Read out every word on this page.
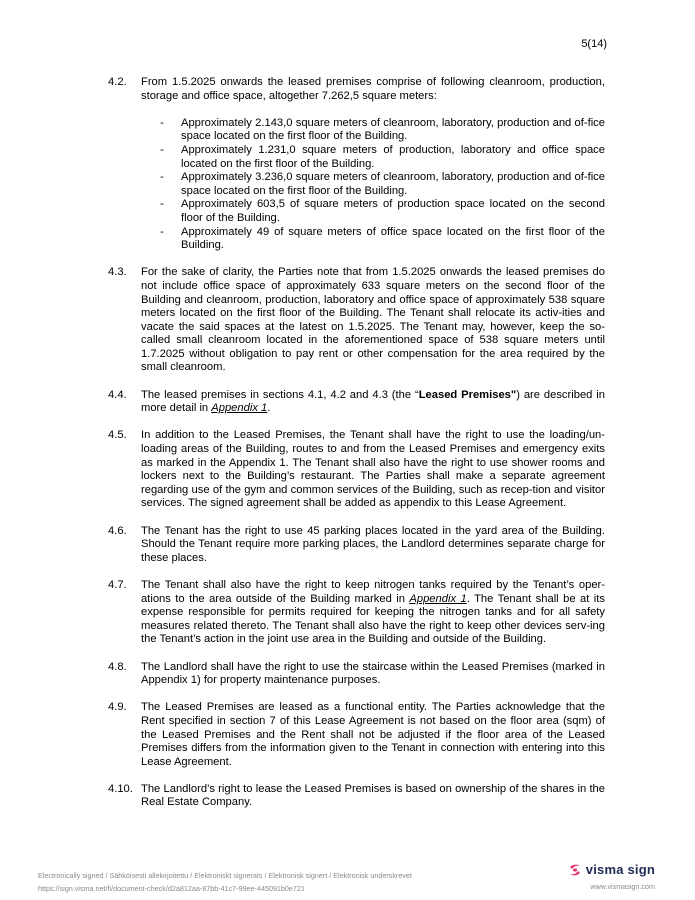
5(14)
4.2.	From 1.5.2025 onwards the leased premises comprise of following cleanroom, production, storage and office space, altogether 7.262,5 square meters:
-	Approximately 2.143,0 square meters of cleanroom, laboratory, production and of-fice space located on the first floor of the Building.
-	Approximately 1.231,0 square meters of production, laboratory and office space located on the first floor of the Building.
-	Approximately 3.236,0 square meters of cleanroom, laboratory, production and of-fice space located on the first floor of the Building.
-	Approximately 603,5 of square meters of production space located on the second floor of the Building.
-	Approximately 49 of square meters of office space located on the first floor of the Building.
4.3.	For the sake of clarity, the Parties note that from 1.5.2025 onwards the leased premises do not include office space of approximately 633 square meters on the second floor of the Building and cleanroom, production, laboratory and office space of approximately 538 square meters located on the first floor of the Building. The Tenant shall relocate its activ-ities and vacate the said spaces at the latest on 1.5.2025. The Tenant may, however, keep the so-called small cleanroom located in the aforementioned space of 538 square meters until 1.7.2025 without obligation to pay rent or other compensation for the area required by the small cleanroom.
4.4.	The leased premises in sections 4.1, 4.2 and 4.3 (the “Leased Premises") are described in more detail in Appendix 1.
4.5.	In addition to the Leased Premises, the Tenant shall have the right to use the loading/un-loading areas of the Building, routes to and from the Leased Premises and emergency exits as marked in the Appendix 1. The Tenant shall also have the right to use shower rooms and lockers next to the Building’s restaurant. The Parties shall make a separate agreement regarding use of the gym and common services of the Building, such as recep-tion and visitor services. The signed agreement shall be added as appendix to this Lease Agreement.
4.6.	The Tenant has the right to use 45 parking places located in the yard area of the Building. Should the Tenant require more parking places, the Landlord determines separate charge for these places.
4.7.	The Tenant shall also have the right to keep nitrogen tanks required by the Tenant’s oper-ations to the area outside of the Building marked in Appendix 1. The Tenant shall be at its expense responsible for permits required for keeping the nitrogen tanks and for all safety measures related thereto. The Tenant shall also have the right to keep other devices serv-ing the Tenant’s action in the joint use area in the Building and outside of the Building.
4.8.	The Landlord shall have the right to use the staircase within the Leased Premises (marked in Appendix 1) for property maintenance purposes.
4.9.	The Leased Premises are leased as a functional entity. The Parties acknowledge that the Rent specified in section 7 of this Lease Agreement is not based on the floor area (sqm) of the Leased Premises and the Rent shall not be adjusted if the floor area of the Leased Premises differs from the information given to the Tenant in connection with entering into this Lease Agreement.
4.10. The Landlord’s right to lease the Leased Premises is based on ownership of the shares in the Real Estate Company.
Electronically signed / Sähköisesti allekirjoitettu / Elektroniskt signerats / Elektronisk signert / Elektronisk underskrevet
https://sign.visma.net/fi/document-check/d2a812aa-87bb-41c7-99ee-445091b0e721
visma sign
www.vismasign.com
